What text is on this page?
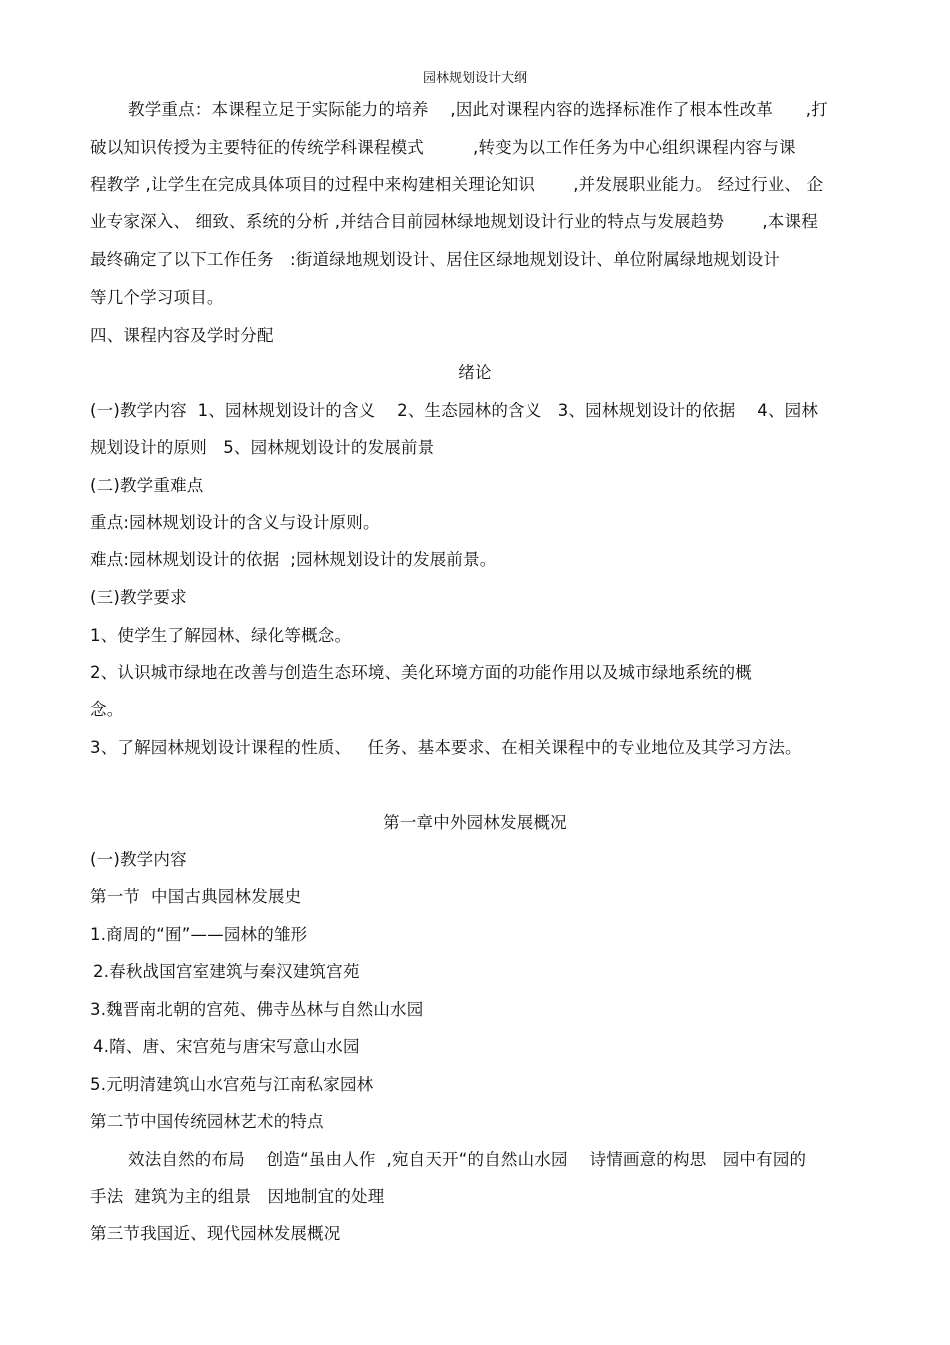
园林规划设计大纲
教学重点：本课程立足于实际能力的培养    ,因此对课程内容的选择标准作了根本性改革      ,打
破以知识传授为主要特征的传统学科课程模式         ,转变为以工作任务为中心组织课程内容与课
程教学 ,让学生在完成具体项目的过程中来构建相关理论知识       ,并发展职业能力。 经过行业、 企
业专家深入、 细致、系统的分析 ,并结合目前园林绿地规划设计行业的特点与发展趋势       ,本课程
最终确定了以下工作任务   :街道绿地规划设计、居住区绿地规划设计、单位附属绿地规划设计
等几个学习项目。
四、课程内容及学时分配
绪论
(一)教学内容  1、园林规划设计的含义    2、生态园林的含义   3、园林规划设计的依据    4、园林
规划设计的原则   5、园林规划设计的发展前景
(二)教学重难点
重点:园林规划设计的含义与设计原则。
难点:园林规划设计的依据  ;园林规划设计的发展前景。
(三)教学要求
1、使学生了解园林、绿化等概念。
2、认识城市绿地在改善与创造生态环境、美化环境方面的功能作用以及城市绿地系统的概
念。
3、了解园林规划设计课程的性质、   任务、基本要求、在相关课程中的专业地位及其学习方法。
第一章中外园林发展概况
(一)教学内容
第一节  中国古典园林发展史
1.商周的“囿”——园林的雏形
2.春秋战国宫室建筑与秦汉建筑宫苑
3.魏晋南北朝的宫苑、佛寺丛林与自然山水园
4.隋、唐、宋宫苑与唐宋写意山水园
5.元明清建筑山水宫苑与江南私家园林
第二节中国传统园林艺术的特点
效法自然的布局    创造“虽由人作  ,宛自天开“的自然山水园    诗情画意的构思   园中有园的
手法  建筑为主的组景   因地制宜的处理
第三节我国近、现代园林发展概况
